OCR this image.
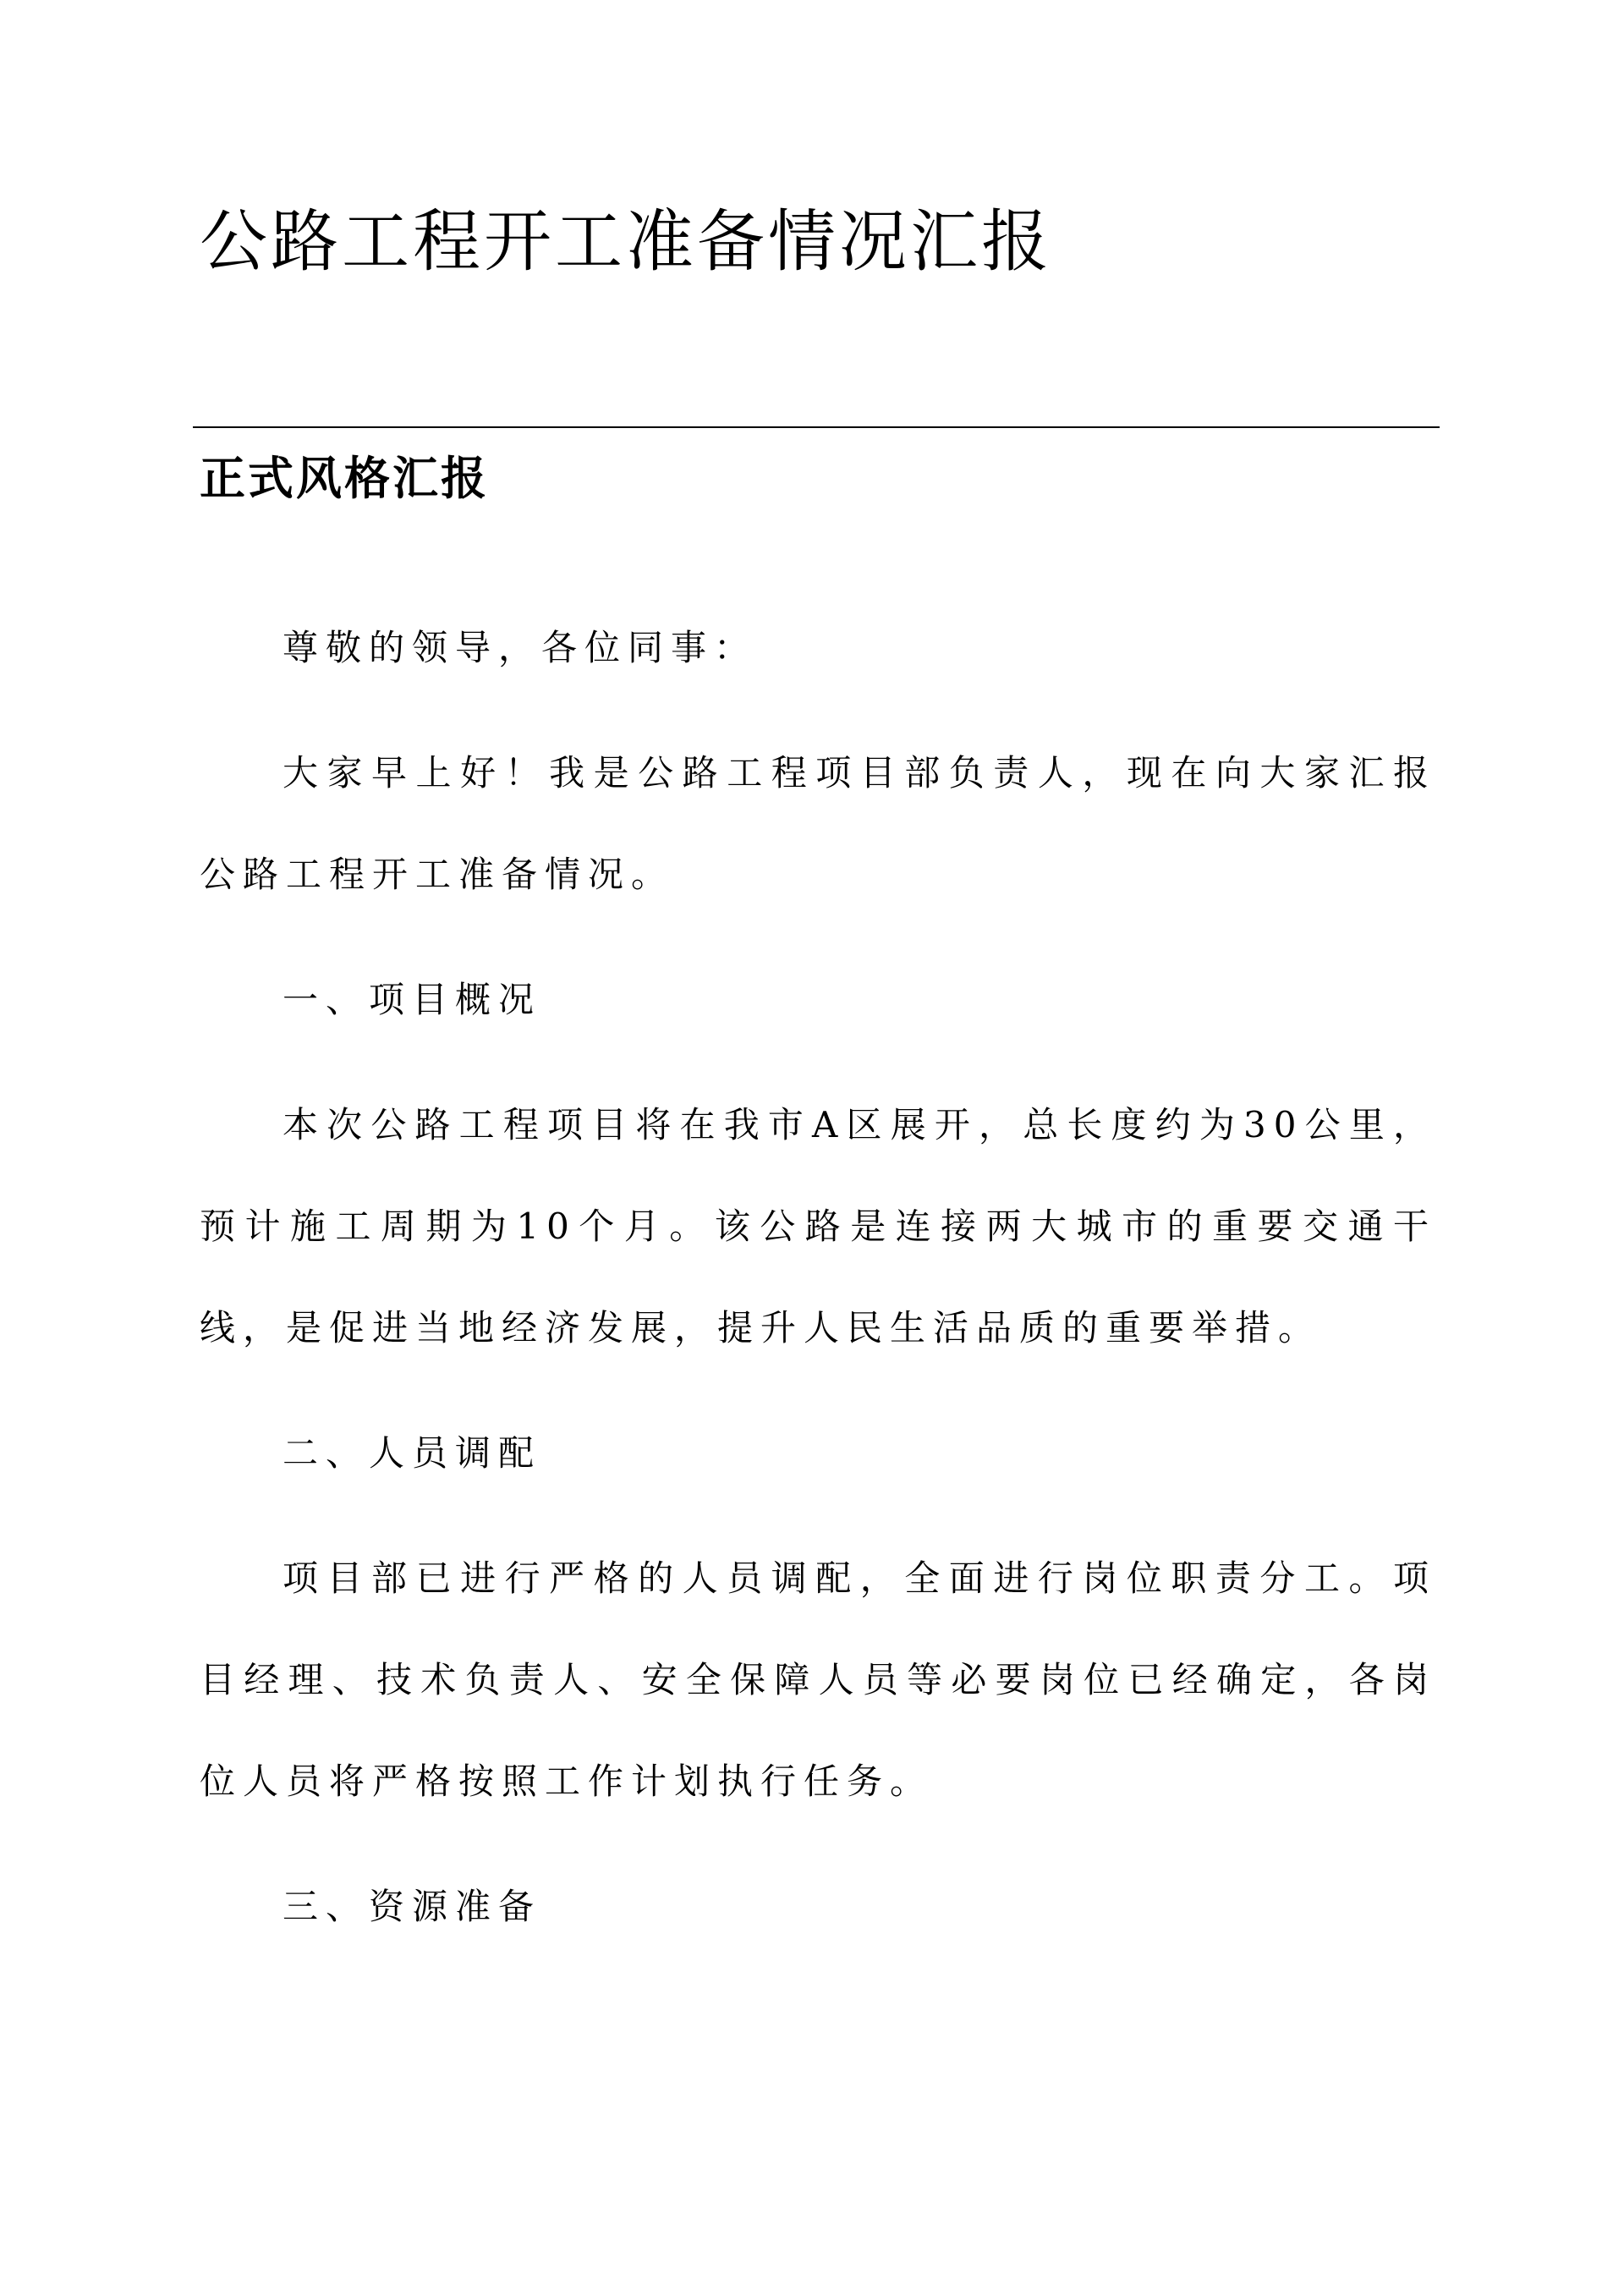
公路工程开工准备情况汇报
正式风格汇报

尊敬的领导，各位同事：

大家早上好！我是公路工程项目部负责人，现在向大家汇报公路工程开工准备情况。

一、项目概况

本次公路工程项目将在我市A区展开，总长度约为30公里，预计施工周期为10个月。该公路是连接两大城市的重要交通干线，是促进当地经济发展，提升人民生活品质的重要举措。

二、人员调配

项目部已进行严格的人员调配，全面进行岗位职责分工。项目经理、技术负责人、安全保障人员等必要岗位已经确定，各岗位人员将严格按照工作计划执行任务。

三、资源准备
